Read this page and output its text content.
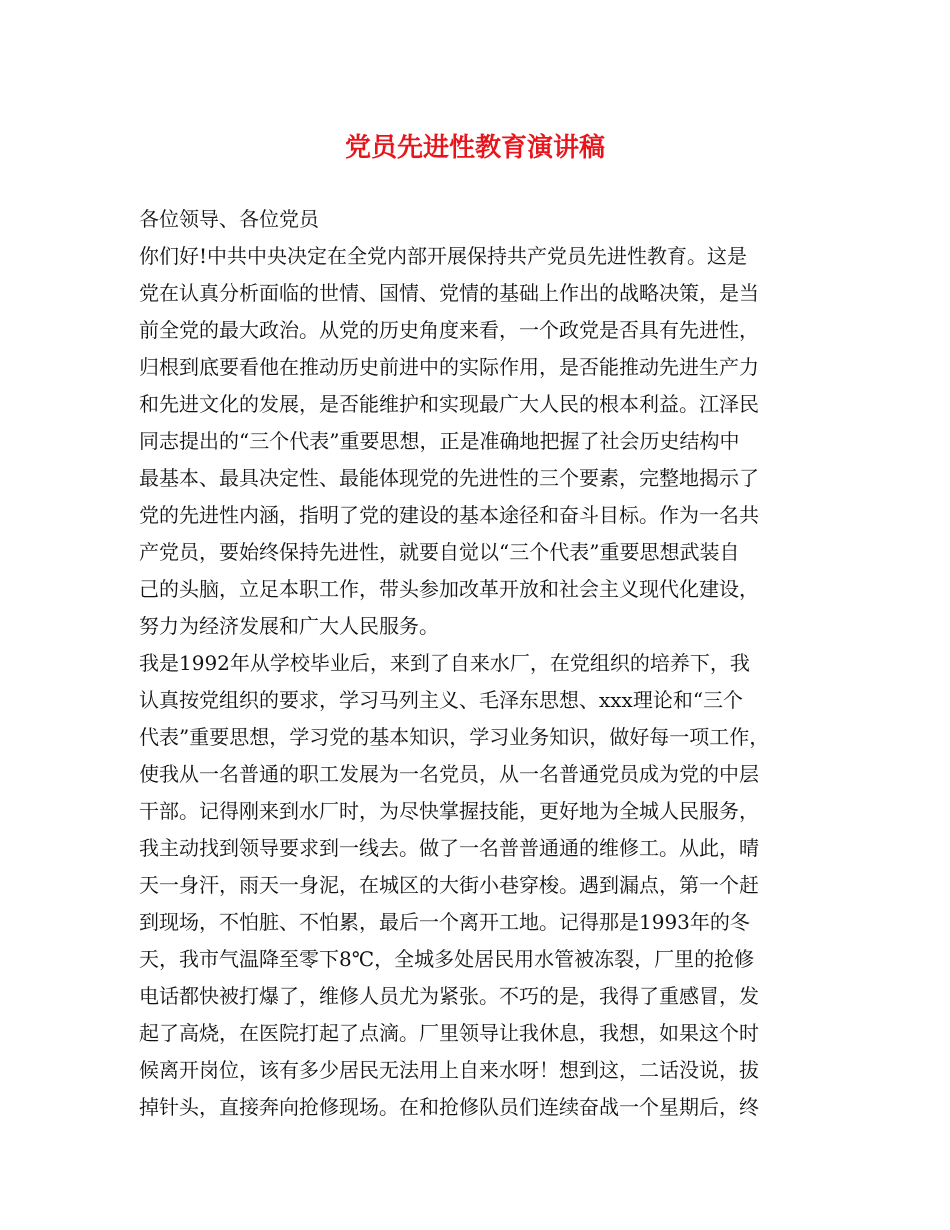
党员先进性教育演讲稿
各位领导、各位党员
你们好!中共中央决定在全党内部开展保持共产党员先进性教育。这是
党在认真分析面临的世情、国情、党情的基础上作出的战略决策，是当
前全党的最大政治。从党的历史角度来看，一个政党是否具有先进性，
归根到底要看他在推动历史前进中的实际作用，是否能推动先进生产力
和先进文化的发展，是否能维护和实现最广大人民的根本利益。江泽民
同志提出的“三个代表”重要思想，正是准确地把握了社会历史结构中
最基本、最具决定性、最能体现党的先进性的三个要素，完整地揭示了
党的先进性内涵，指明了党的建设的基本途径和奋斗目标。作为一名共
产党员，要始终保持先进性，就要自觉以“三个代表”重要思想武装自
己的头脑，立足本职工作，带头参加改革开放和社会主义现代化建设，
努力为经济发展和广大人民服务。
我是1992年从学校毕业后，来到了自来水厂，在党组织的培养下，我
认真按党组织的要求，学习马列主义、毛泽东思想、xxx理论和“三个
代表”重要思想，学习党的基本知识，学习业务知识，做好每一项工作，
使我从一名普通的职工发展为一名党员，从一名普通党员成为党的中层
干部。记得刚来到水厂时，为尽快掌握技能，更好地为全城人民服务，
我主动找到领导要求到一线去。做了一名普普通通的维修工。从此，晴
天一身汗，雨天一身泥，在城区的大街小巷穿梭。遇到漏点，第一个赶
到现场，不怕脏、不怕累，最后一个离开工地。记得那是1993年的冬
天，我市气温降至零下8℃，全城多处居民用水管被冻裂，厂里的抢修
电话都快被打爆了，维修人员尤为紧张。不巧的是，我得了重感冒，发
起了高烧，在医院打起了点滴。厂里领导让我休息，我想，如果这个时
候离开岗位，该有多少居民无法用上自来水呀！想到这，二话没说，拔
掉针头，直接奔向抢修现场。在和抢修队员们连续奋战一个星期后，终
